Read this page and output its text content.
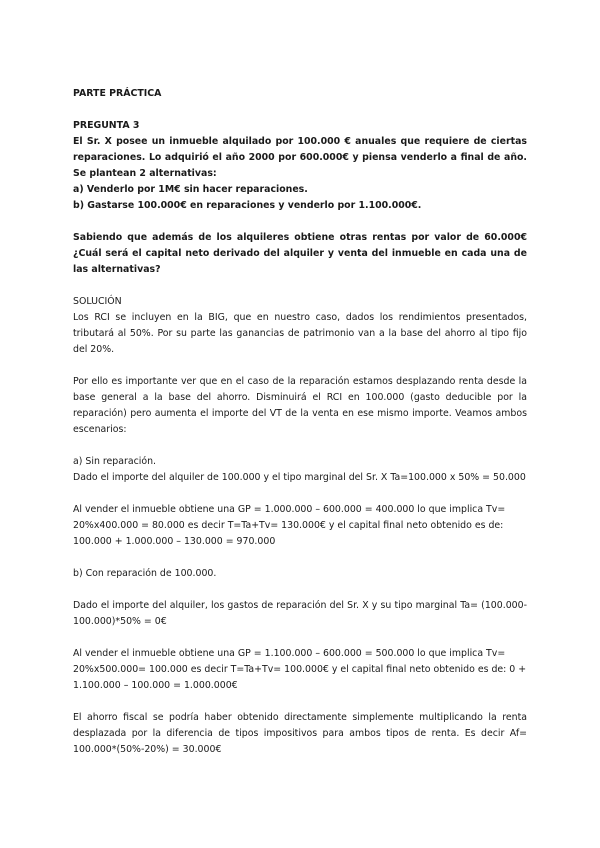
PARTE PRÁCTICA

PREGUNTA 3

El Sr. X posee un inmueble alquilado por 100.000 € anuales que requiere de ciertas reparaciones. Lo adquirió el año 2000 por 600.000€ y piensa venderlo a final de año. Se plantean 2 alternativas:

a) Venderlo por 1M€ sin hacer reparaciones.

b) Gastarse 100.000€ en reparaciones y venderlo por 1.100.000€.

Sabiendo que además de los alquileres obtiene otras rentas por valor de 60.000€ ¿Cuál será el capital neto derivado del alquiler y venta del inmueble en cada una de las alternativas?

SOLUCIÓN

Los RCI se incluyen en la BIG, que en nuestro caso, dados los rendimientos presentados, tributará al 50%. Por su parte las ganancias de patrimonio van a la base del ahorro al tipo fijo del 20%.

Por ello es importante ver que en el caso de la reparación estamos desplazando renta desde la base general a la base del ahorro. Disminuirá el RCI en 100.000 (gasto deducible por la reparación) pero aumenta el importe del VT de la venta en ese mismo importe. Veamos ambos escenarios:

a) Sin reparación.

Dado el importe del alquiler de 100.000 y el tipo marginal del Sr. X Ta=100.000 x 50% = 50.000

Al vender el inmueble obtiene una GP = 1.000.000 – 600.000 = 400.000 lo que implica Tv=
20%x400.000 = 80.000 es decir T=Ta+Tv= 130.000€ y el capital final neto obtenido es de:
100.000 + 1.000.000 – 130.000 = 970.000

b) Con reparación de 100.000.

Dado el importe del alquiler, los gastos de reparación del Sr. X y su tipo marginal Ta= (100.000-100.000)*50% = 0€

Al vender el inmueble obtiene una GP = 1.100.000 – 600.000 = 500.000 lo que implica Tv=
20%x500.000= 100.000 es decir T=Ta+Tv= 100.000€ y el capital final neto obtenido es de: 0 +
1.100.000 – 100.000 = 1.000.000€

El ahorro fiscal se podría haber obtenido directamente simplemente multiplicando la renta desplazada por la diferencia de tipos impositivos para ambos tipos de renta. Es decir Af= 100.000*(50%-20%) = 30.000€
